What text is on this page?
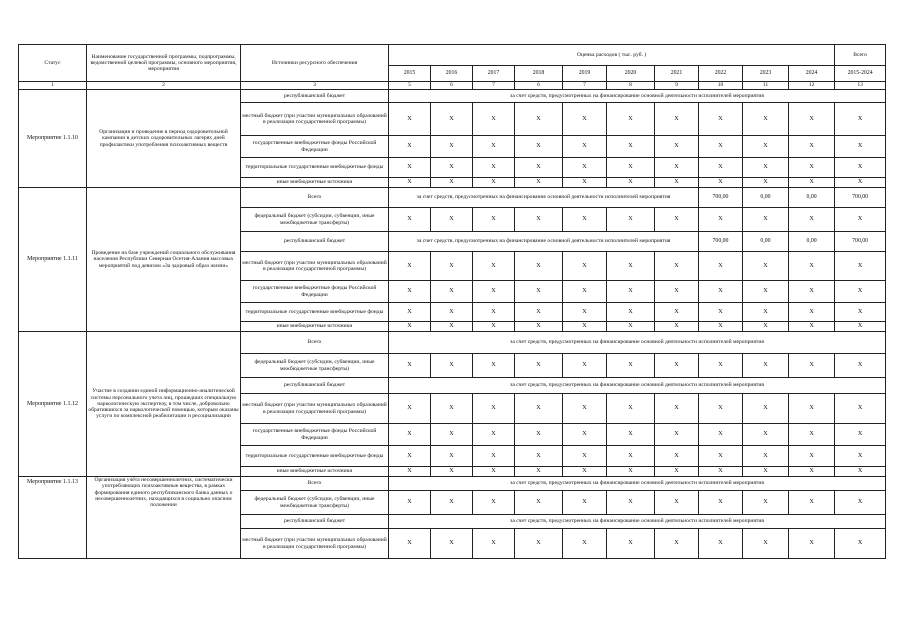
Статус	Наименование государственной программы, подпрограммы, ведомственной целевой программы, основного мероприятия, мероприятия	Источники ресурсного обеспечения	Оценка расходов ( тыс. руб. )										Всего
			2015	2016	2017	2018	2019	2020	2021	2022	2023	2024	2015-2024
1	2	3	5	6	7	6	7	8	9	10	11	12	13
Мероприятие 1.1.10	Организация и проведение в период оздоровительной кампании в детских оздоровительных лагерях дней профилактики употребления психоактивных веществ	республиканский бюджет	за счет средств, предусмотренных на финансирование основной деятельности исполнителей мероприятия										
		местный бюджет (при участии муниципальных образований в реализации государственной программы)	X	X	X	X	X	X	X	X	X	X	X
		государственные внебюджетные фонды Российской Федерации	X	X	X	X	X	X	X	X	X	X	X
		территориальные государственные внебюджетные фонды	X	X	X	X	X	X	X	X	X	X	X
		иные внебюджетные источники	X	X	X	X	X	X	X	X	X	X	X
Мероприятие 1.1.11	Проведение на базе учреждений социального обслуживания населения Республики Северная Осетия-Алания массовых мероприятий под девизом «За здоровый образ жизни»	Всего	за счет средств, предусмотренных на финансирование основной деятельности исполнителей мероприятия							700,00	0,00	0,00	700,00
		федеральный бюджет (субсидии, субвенции, иные межбюджетные трансферты)	X	X	X	X	X	X	X	X	X	X	X
		республиканский бюджет	за счет средств, предусмотренных на финансирование основной деятельности исполнителей мероприятия							700,00	0,00	0,00	700,00
		местный бюджет (при участии муниципальных образований в реализации государственной программы)	X	X	X	X	X	X	X	X	X	X	X
		государственные внебюджетные фонды Российской Федерации	X	X	X	X	X	X	X	X	X	X	X
		территориальные государственные внебюджетные фонды	X	X	X	X	X	X	X	X	X	X	X
		иные внебюджетные источники	X	X	X	X	X	X	X	X	X	X	X
Мероприятие 1.1.12	Участие в создании единой информационно-аналитической системы персонального учета лиц, прошедших специальную наркологическую экспертизу, в том числе, добровольно обратившихся за наркологической помощью, которым оказаны услуги по комплексной реабилитации и ресоциализации	Всего	за счет средств, предусмотренных на финансирование основной деятельности исполнителей мероприятия										
		федеральный бюджет (субсидии, субвенции, иные межбюджетные трансферты)	X	X	X	X	X	X	X	X	X	X	X
		республиканский бюджет	за счет средств, предусмотренных на финансирование основной деятельности исполнителей мероприятия										
		местный бюджет (при участии муниципальных образований в реализации государственной программы)	X	X	X	X	X	X	X	X	X	X	X
		государственные внебюджетные фонды Российской Федерации	X	X	X	X	X	X	X	X	X	X	X
		территориальные государственные внебюджетные фонды	X	X	X	X	X	X	X	X	X	X	X
		иные внебюджетные источники	X	X	X	X	X	X	X	X	X	X	X
Мероприятие 1.1.13	Организация учёта несовершеннолетних, систематически употребляющих психоактивные вещества, в рамках формирования единого республиканского банка данных о несовершеннолетних, находящихся в социально опасном положении	Всего	за счет средств, предусмотренных на финансирование основной деятельности исполнителей мероприятия										
		федеральный бюджет (субсидии, субвенции, иные межбюджетные трансферты)	X	X	X	X	X	X	X	X	X	X	X
		республиканский бюджет	за счет средств, предусмотренных на финансирование основной деятельности исполнителей мероприятия										
		местный бюджет (при участии муниципальных образований в реализации государственной программы)	X	X	X	X	X	X	X	X	X	X	X
